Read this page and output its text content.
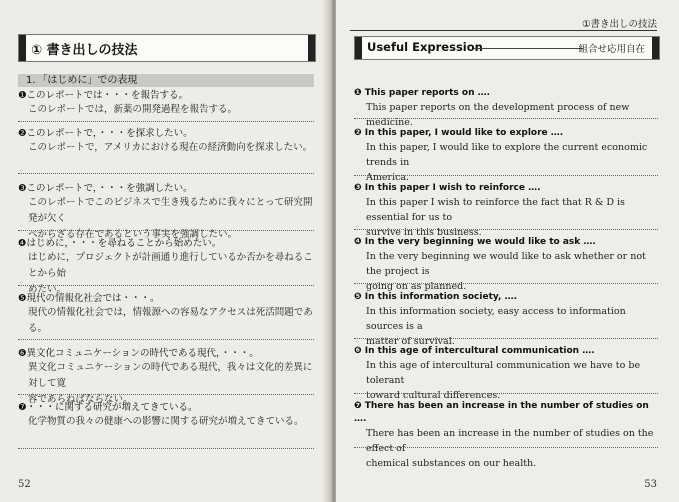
① 書き出しの技法
1．「はじめに」での表現
❶このレポートでは・・・を報告する。
このレポートでは，新薬の開発過程を報告する。
❷このレポートで，・・・を探求したい。
このレポートで，アメリカにおける現在の経済動向を探求したい。
❸このレポートで，・・・を強調したい。
このレポートでこのビジネスで生き残るために我々にとって研究開発が欠く
べからざる存在であるという事実を強調したい。
❹はじめに，・・・を尋ねることから始めたい。
はじめに，プロジェクトが計画通り進行しているか否かを尋ねることから始
めたい。
❺現代の情報化社会では・・・。
現代の情報化社会では，情報源への容易なアクセスは死活問題である。
❻異文化コミュニケーションの時代である現代，・・・。
異文化コミュニケーションの時代である現代，我々は文化的差異に対して寛
容であらねばならない。
❼・・・に関する研究が増えてきている。
化学物質の我々の健康への影響に関する研究が増えてきている。
52
①書き出しの技法
Useful Expression	組合せ応用自在
❶ This paper reports on ….
This paper reports on the development process of new medicine.
❷ In this paper, I would like to explore ….
In this paper, I would like to explore the current economic trends in
America.
❸ In this paper I wish to reinforce ….
In this paper I wish to reinforce the fact that R & D is essential for us to
survive in this business.
❹ In the very beginning we would like to ask ….
In the very beginning we would like to ask whether or not the project is
going on as planned.
❺ In this information society, ….
In this information society, easy access to information sources is a
matter of survival.
❻ In this age of intercultural communication ….
In this age of intercultural communication we have to be tolerant
toward cultural differences.
❼ There has been an increase in the number of studies on ….
There has been an increase in the number of studies on the effect of
chemical substances on our health.
53
